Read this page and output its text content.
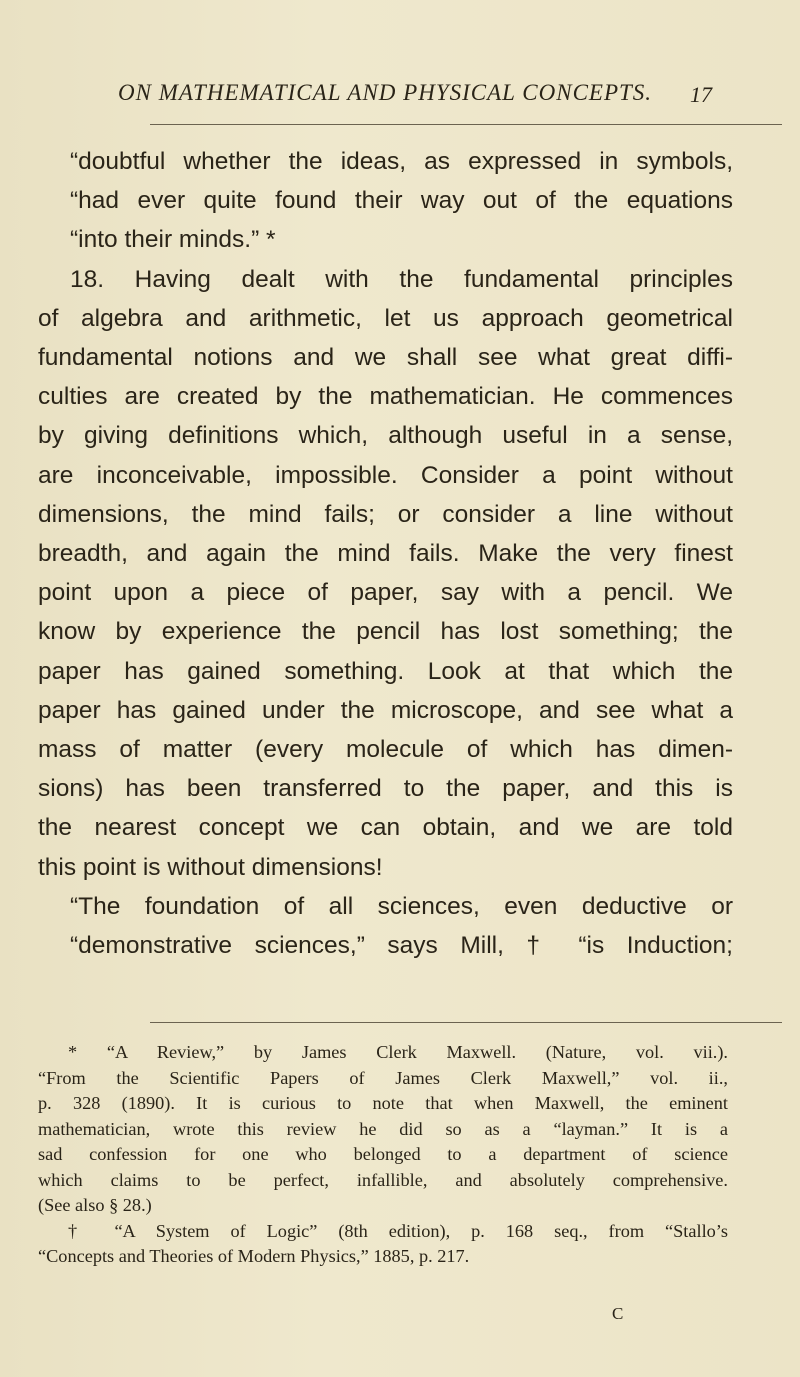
ON MATHEMATICAL AND PHYSICAL CONCEPTS.	17
“doubtful whether the ideas, as expressed in symbols,
“had ever quite found their way out of the equations
“into their minds.” *
18. Having dealt with the fundamental principles
of algebra and arithmetic, let us approach geometrical
fundamental notions and we shall see what great diffi-
culties are created by the mathematician. He commences
by giving definitions which, although useful in a sense,
are inconceivable, impossible. Consider a point without
dimensions, the mind fails; or consider a line without
breadth, and again the mind fails. Make the very finest
point upon a piece of paper, say with a pencil. We
know by experience the pencil has lost something; the
paper has gained something. Look at that which the
paper has gained under the microscope, and see what a
mass of matter (every molecule of which has dimen-
sions) has been transferred to the paper, and this is
the nearest concept we can obtain, and we are told
this point is without dimensions!
“The foundation of all sciences, even deductive or
“demonstrative sciences,” says Mill, † “is Induction;
* “A Review,” by James Clerk Maxwell. (Nature, vol. vii.).
“From the Scientific Papers of James Clerk Maxwell,” vol. ii.,
p. 328 (1890). It is curious to note that when Maxwell, the eminent
mathematician, wrote this review he did so as a “layman.” It is a
sad confession for one who belonged to a department of science
which claims to be perfect, infallible, and absolutely comprehensive.
(See also § 28.)
† “A System of Logic” (8th edition), p. 168 seq., from “Stallo’s
“Concepts and Theories of Modern Physics,” 1885, p. 217.
C
